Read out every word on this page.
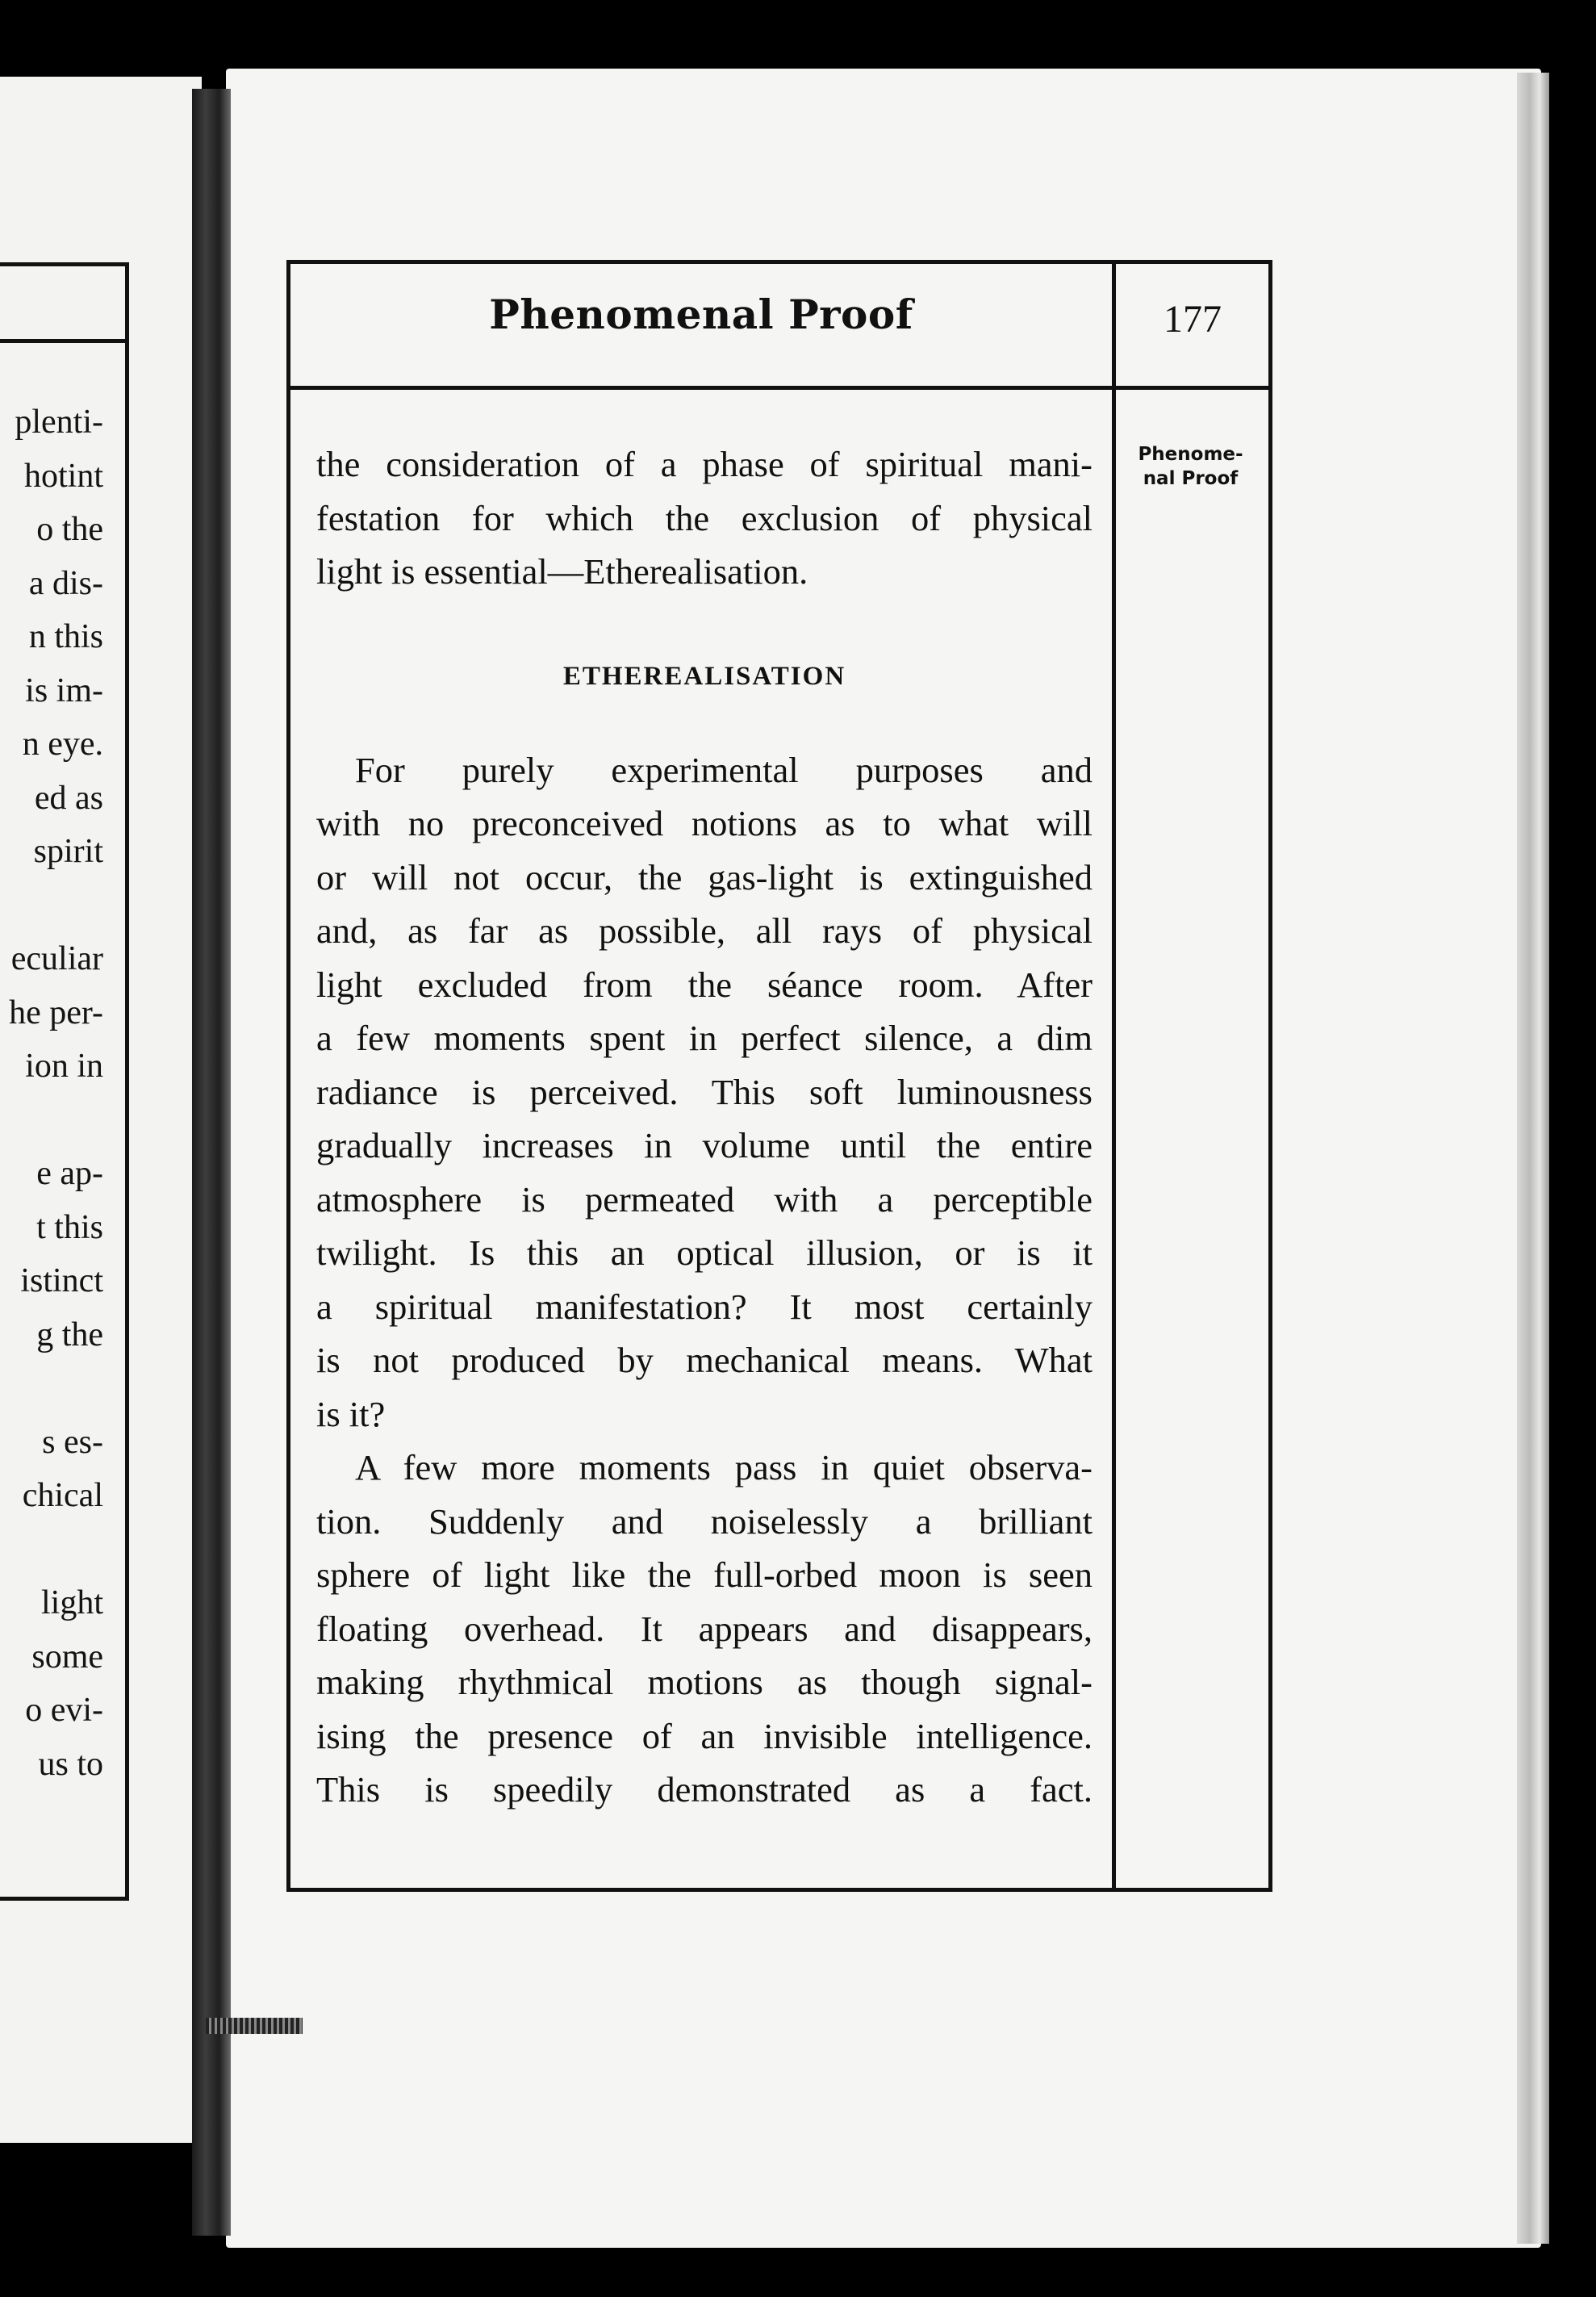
plenti-
hotint
o the
a dis-
n this
is im-
n eye.
ed as
spirit
eculiar
he per-
ion in
e ap-
t this
istinct
g the
s es-
chical
light
some
o evi-
us to
Phenomenal Proof	177
Phenome-nal Proof

the consideration of a phase of spiritual mani-
festation for which the exclusion of physical
light is essential—Etherealisation.

ETHEREALISATION

For purely experimental purposes and
with no preconceived notions as to what will
or will not occur, the gas-light is extinguished
and, as far as possible, all rays of physical
light excluded from the séance room. After
a few moments spent in perfect silence, a dim
radiance is perceived. This soft luminousness
gradually increases in volume until the entire
atmosphere is permeated with a perceptible
twilight. Is this an optical illusion, or is it
a spiritual manifestation? It most certainly
is not produced by mechanical means. What
is it?

A few more moments pass in quiet observa-
tion. Suddenly and noiselessly a brilliant
sphere of light like the full-orbed moon is seen
floating overhead. It appears and disappears,
making rhythmical motions as though signal-
ising the presence of an invisible intelligence.
This is speedily demonstrated as a fact.
